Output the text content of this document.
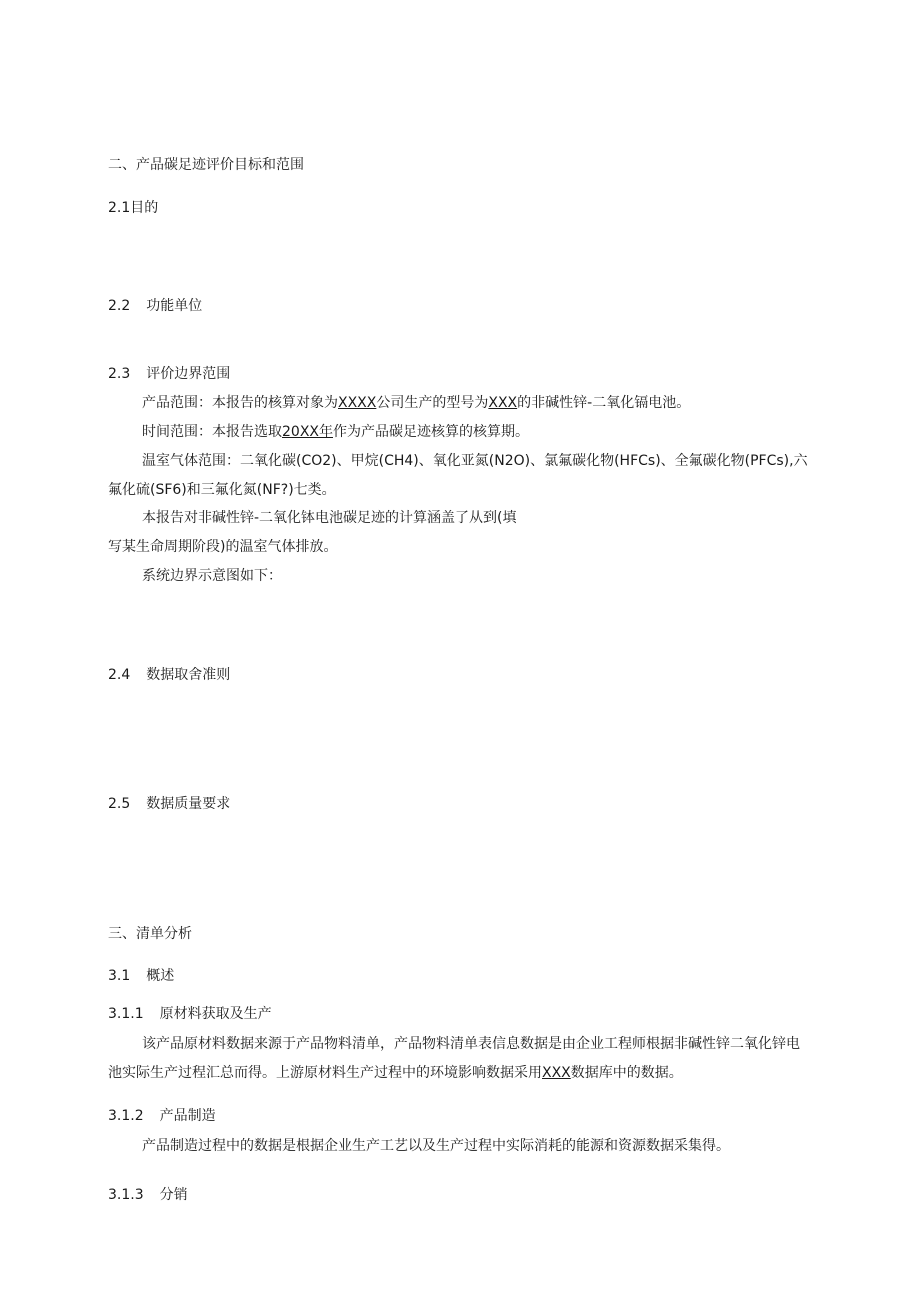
二、产品碳足迹评价目标和范围
2.1目的
2.2 功能单位
2.3 评价边界范围
产品范围：本报告的核算对象为XXXX公司生产的型号为XXX的非碱性锌-二氧化镉电池。
时间范围：本报告选取20XX年作为产品碳足迹核算的核算期。
温室气体范围：二氧化碳(CO2)、甲烷(CH4)、氧化亚氮(N2O)、氯氟碳化物(HFCs)、全氟碳化物(PFCs),六
氟化硫(SF6)和三氟化氮(NF?)七类。
本报告对非碱性锌-二氧化钵电池碳足迹的计算涵盖了从到(填
写某生命周期阶段)的温室气体排放。
系统边界示意图如下：
2.4 数据取舍准则
2.5 数据质量要求
三、清单分析
3.1 概述
3.1.1 原材料获取及生产
该产品原材料数据来源于产品物料清单，产品物料清单表信息数据是由企业工程师根据非碱性锌二氧化锌电
池实际生产过程汇总而得。上游原材料生产过程中的环境影响数据采用XXX数据库中的数据。
3.1.2 产品制造
产品制造过程中的数据是根据企业生产工艺以及生产过程中实际消耗的能源和资源数据采集得。
3.1.3 分销
